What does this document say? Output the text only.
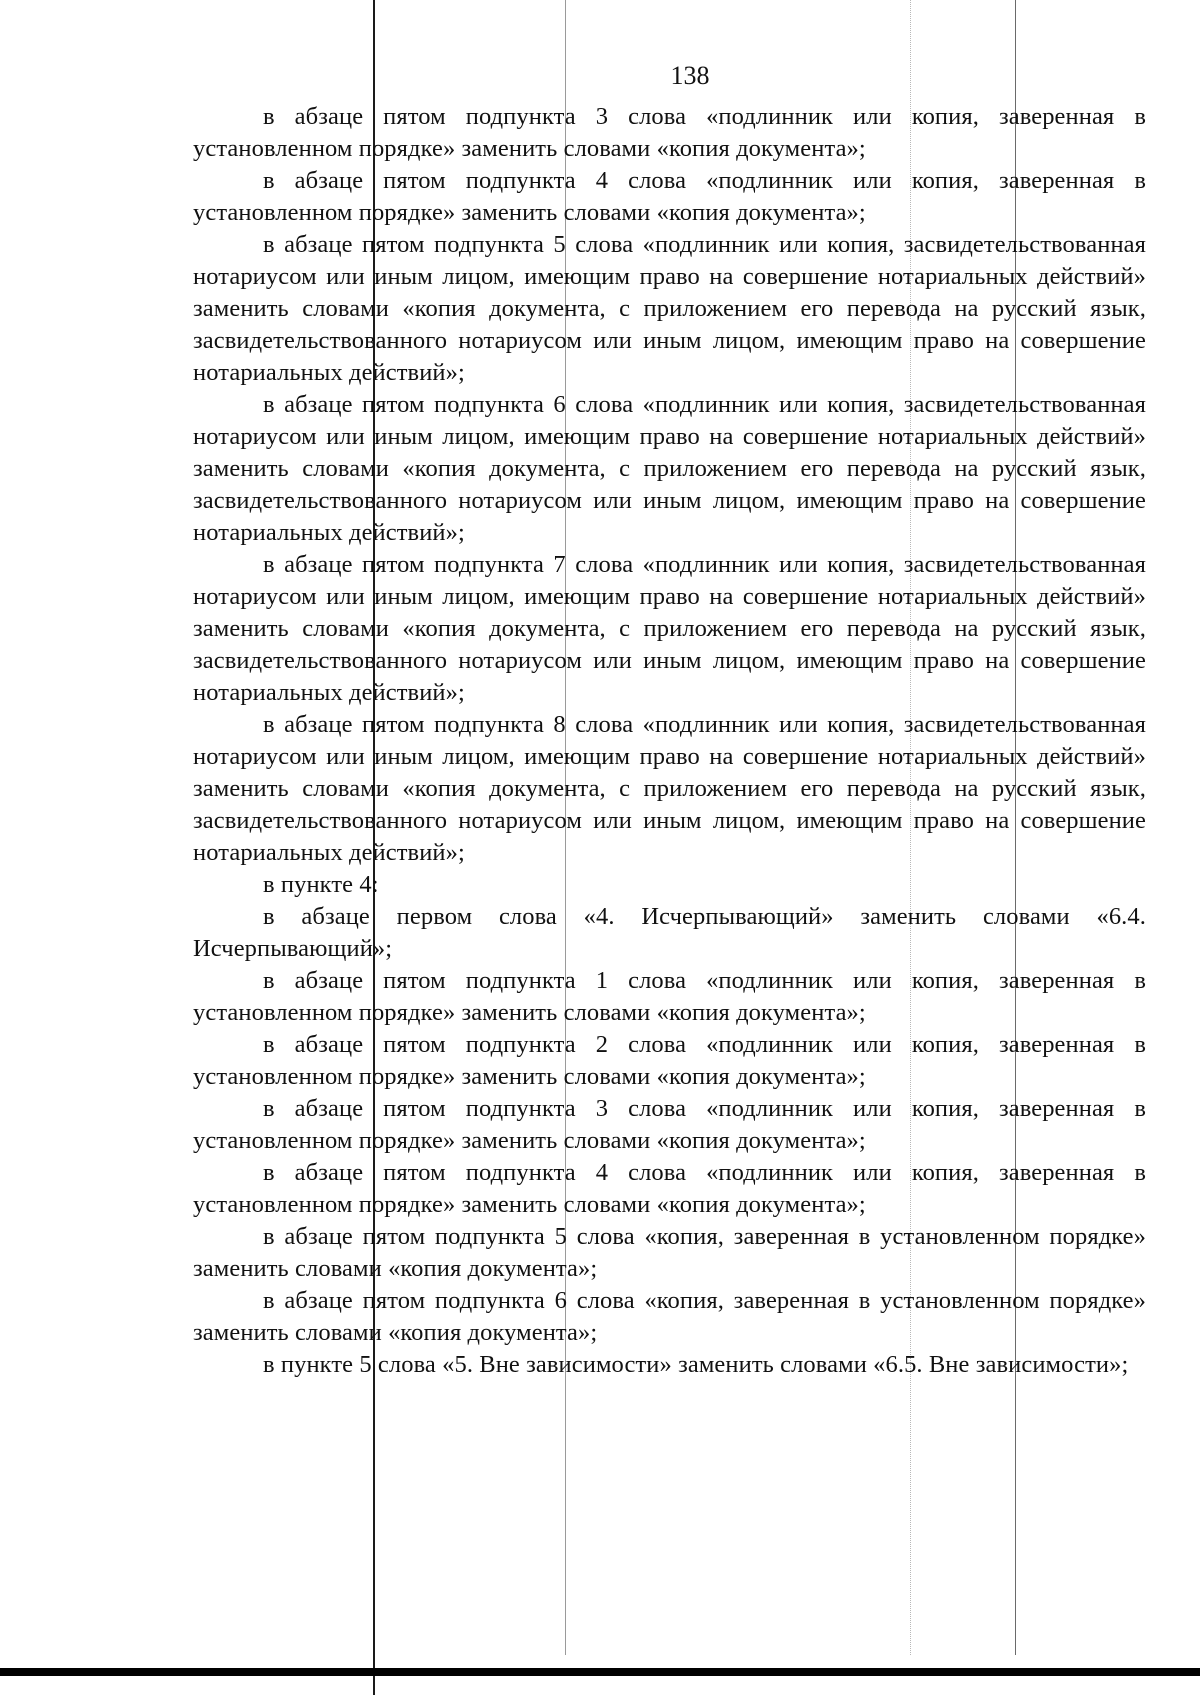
138

в абзаце пятом подпункта 3 слова «подлинник или копия, заверенная в установленном порядке» заменить словами «копия документа»;

в абзаце пятом подпункта 4 слова «подлинник или копия, заверенная в установленном порядке» заменить словами «копия документа»;

в абзаце пятом подпункта 5 слова «подлинник или копия, засвидетельствованная нотариусом или иным лицом, имеющим право на совершение нотариальных действий» заменить словами «копия документа, с приложением его перевода на русский язык, засвидетельствованного нотариусом или иным лицом, имеющим право на совершение нотариальных действий»;

в абзаце пятом подпункта 6 слова «подлинник или копия, засвидетельствованная нотариусом или иным лицом, имеющим право на совершение нотариальных действий» заменить словами «копия документа, с приложением его перевода на русский язык, засвидетельствованного нотариусом или иным лицом, имеющим право на совершение нотариальных действий»;

в абзаце пятом подпункта 7 слова «подлинник или копия, засвидетельствованная нотариусом или иным лицом, имеющим право на совершение нотариальных действий» заменить словами «копия документа, с приложением его перевода на русский язык, засвидетельствованного нотариусом или иным лицом, имеющим право на совершение нотариальных действий»;

в абзаце пятом подпункта 8 слова «подлинник или копия, засвидетельствованная нотариусом или иным лицом, имеющим право на совершение нотариальных действий» заменить словами «копия документа, с приложением его перевода на русский язык, засвидетельствованного нотариусом или иным лицом, имеющим право на совершение нотариальных действий»;

в пункте 4:

в абзаце первом слова «4. Исчерпывающий» заменить словами «6.4. Исчерпывающий»;

в абзаце пятом подпункта 1 слова «подлинник или копия, заверенная в установленном порядке» заменить словами «копия документа»;

в абзаце пятом подпункта 2 слова «подлинник или копия, заверенная в установленном порядке» заменить словами «копия документа»;

в абзаце пятом подпункта 3 слова «подлинник или копия, заверенная в установленном порядке» заменить словами «копия документа»;

в абзаце пятом подпункта 4 слова «подлинник или копия, заверенная в установленном порядке» заменить словами «копия документа»;

в абзаце пятом подпункта 5 слова «копия, заверенная в установленном порядке» заменить словами «копия документа»;

в абзаце пятом подпункта 6 слова «копия, заверенная в установленном порядке» заменить словами «копия документа»;

в пункте 5 слова «5. Вне зависимости» заменить словами «6.5. Вне зависимости»;
